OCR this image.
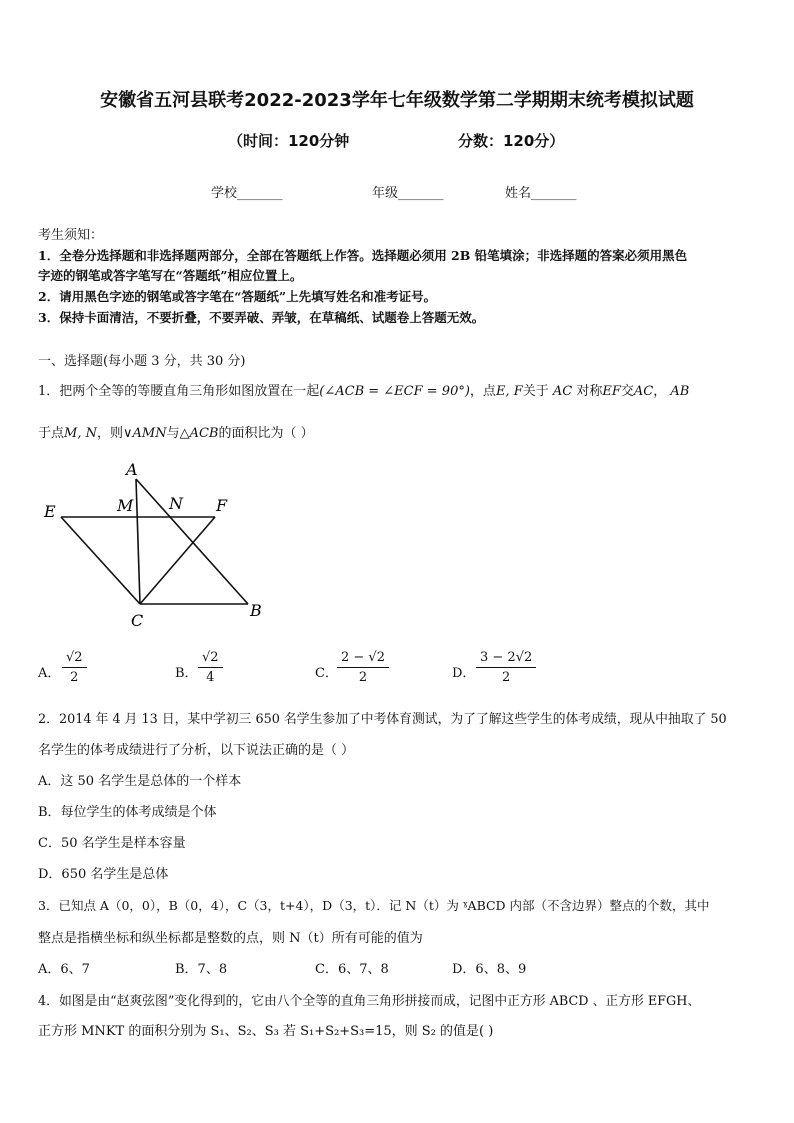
安徽省五河县联考2022-2023学年七年级数学第二学期期末统考模拟试题
（时间：120分钟	分数：120分）
学校_______	年级_______	姓名_______
考生须知：
1．全卷分选择题和非选择题两部分，全部在答题纸上作答。选择题必须用 2B 铅笔填涂；非选择题的答案必须用黑色
字迹的钢笔或答字笔写在“答题纸”相应位置上。
2．请用黑色字迹的钢笔或答字笔在“答题纸”上先填写姓名和准考证号。
3．保持卡面清洁，不要折叠，不要弄破、弄皱，在草稿纸、试题卷上答题无效。
一、选择题(每小题 3 分，共 30 分)
1．把两个全等的等腰直角三角形如图放置在一起(∠ACB = ∠ECF = 90°)，点E, F关于 AC 对称EF交AC， AB
于点M, N，则∨AMN与△ACB的面积比为（ ）
A
M N F
E
C
B
A．
√2
2	B．
√2
4	C．
2 − √2
2	D．
3 − 2√2
2
2．2014 年 4 月 13 日，某中学初三 650 名学生参加了中考体育测试，为了了解这些学生的体考成绩，现从中抽取了 50
名学生的体考成绩进行了分析，以下说法正确的是（ ）
A．这 50 名学生是总体的一个样本
B．每位学生的体考成绩是个体
C．50 名学生是样本容量
D．650 名学生是总体
3．已知点 A（0，0），B（0，4），C（3，t+4），D（3，t）．记 N（t）为 ˠABCD 内部（不含边界）整点的个数，其中
整点是指横坐标和纵坐标都是整数的点，则 N（t）所有可能的值为
A．6、7	B．7、8	C．6、7、8	D．6、8、9
4．如图是由“赵爽弦图”变化得到的，它由八个全等的直角三角形拼接而成，记图中正方形 ABCD 、正方形 EFGH、
正方形 MNKT 的面积分别为 S₁、S₂、S₃ 若 S₁+S₂+S₃=15，则 S₂ 的值是( )
